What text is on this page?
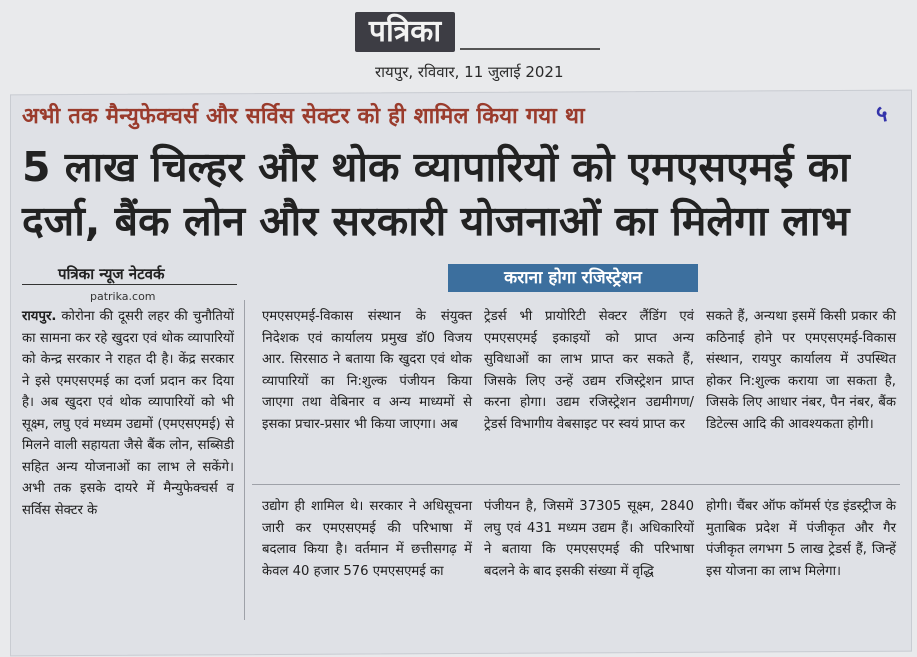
पत्रिका
रायपुर, रविवार, 11 जुलाई 2021
अभी तक मैन्युफेक्चर्स और सर्विस सेक्टर को ही शामिल किया गया था	५
5 लाख चिल्हर और थोक व्यापारियों को एमएसएमई का
दर्जा, बैंक लोन और सरकारी योजनाओं का मिलेगा लाभ
पत्रिका न्यूज नेटवर्क
patrika.com
कराना होगा रजिस्ट्रेशन

रायपुर. कोरोना की दूसरी लहर की चुनौतियों का सामना कर रहे खुदरा एवं थोक व्यापारियों को केन्द्र सरकार ने राहत दी है। केंद्र सरकार ने इसे एमएसएमई का दर्जा प्रदान कर दिया है। अब खुदरा एवं थोक व्यापारियों को भी सूक्ष्म, लघु एवं मध्यम उद्यमों (एमएसएमई) से मिलने वाली सहायता जैसे बैंक लोन, सब्सिडी सहित अन्य योजनाओं का लाभ ले सकेंगे। अभी तक इसके दायरे में मैन्युफेक्चर्स व सर्विस सेक्टर के

एमएसएमई-विकास संस्थान के संयुक्त निदेशक एवं कार्यालय प्रमुख डॉ0 विजय आर. सिरसाठ ने बताया कि खुदरा एवं थोक व्यापारियों का नि:शुल्क पंजीयन किया जाएगा तथा वेबिनार व अन्य माध्यमों से इसका प्रचार-प्रसार भी किया जाएगा। अब

ट्रेडर्स भी प्रायोरिटी सेक्टर लैंडिंग एवं एमएसएमई इकाइयों को प्राप्त अन्य सुविधाओं का लाभ प्राप्त कर सकते हैं, जिसके लिए उन्हें उद्यम रजिस्ट्रेशन प्राप्त करना होगा। उद्यम रजिस्ट्रेशन उद्यमीगण/ट्रेडर्स विभागीय वेबसाइट पर स्वयं प्राप्त कर

सकते हैं, अन्यथा इसमें किसी प्रकार की कठिनाई होने पर एमएसएमई-विकास संस्थान, रायपुर कार्यालय में उपस्थित होकर नि:शुल्क कराया जा सकता है, जिसके लिए आधार नंबर, पैन नंबर, बैंक डिटेल्स आदि की आवश्यकता होगी।

उद्योग ही शामिल थे। सरकार ने अधिसूचना जारी कर एमएसएमई की परिभाषा में बदलाव किया है। वर्तमान में छत्तीसगढ़ में केवल 40 हजार 576 एमएसएमई का

पंजीयन है, जिसमें 37305 सूक्ष्म, 2840 लघु एवं 431 मध्यम उद्यम हैं। अधिकारियों ने बताया कि एमएसएमई की परिभाषा बदलने के बाद इसकी संख्या में वृद्धि

होगी। चैंबर ऑफ कॉमर्स एंड इंडस्ट्रीज के मुताबिक प्रदेश में पंजीकृत और गैर पंजीकृत लगभग 5 लाख ट्रेडर्स हैं, जिन्हें इस योजना का लाभ मिलेगा।
